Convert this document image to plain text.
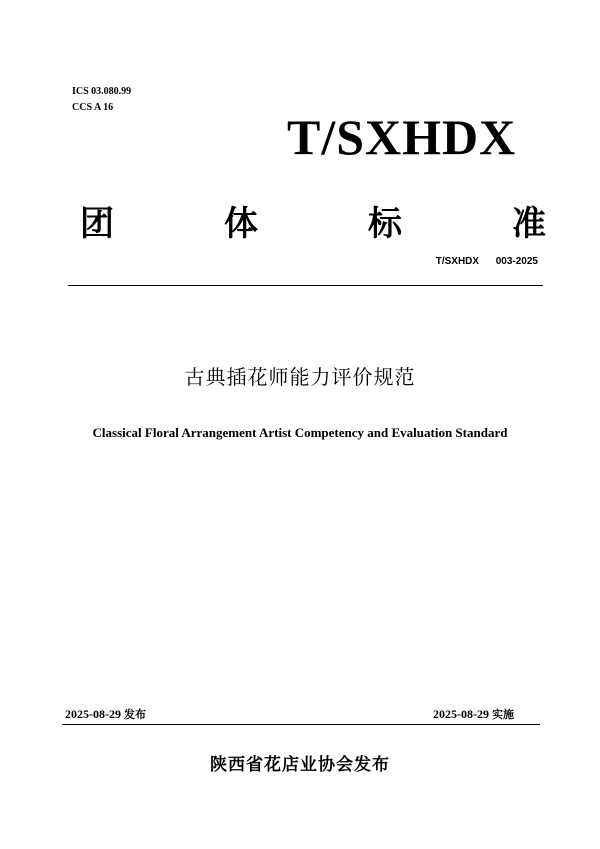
ICS 03.080.99
CCS A 16
T/SXHDX
团	体	标	准
T/SXHDX      003-2025
古典插花师能力评价规范
Classical Floral Arrangement Artist Competency and Evaluation Standard
2025-08-29 发布	2025-08-29 实施
陕西省花店业协会发布
